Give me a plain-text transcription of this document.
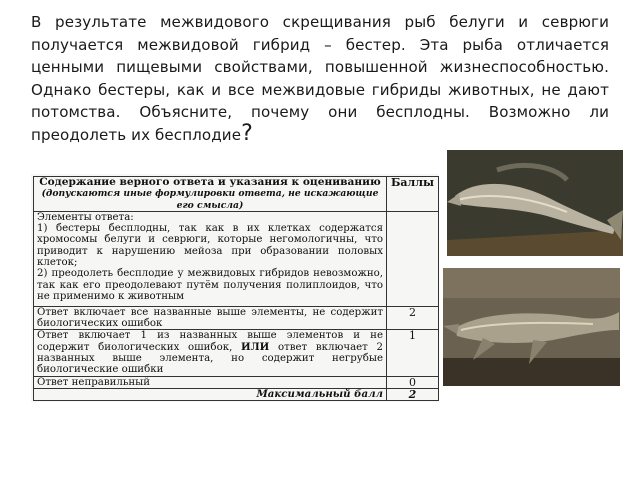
В результате межвидового скрещивания рыб белуги и севрюги получается межвидовой гибрид – бестер. Эта рыба отличается ценными пищевыми свойствами, повышенной жизнеспособностью. Однако бестеры, как и все межвидовые гибриды животных, не дают потомства. Объясните, почему они бесплодны. Возможно ли преодолеть их бесплодие?

Содержание верного ответа и указания к оцениванию
(допускаются иные формулировки ответа, не искажающие его смысла)	Баллы

Элементы ответа:
1) бестеры бесплодны, так как в их клетках содержатся хромосомы белуги и севрюги, которые негомологичны, что приводит к нарушению мейоза при образовании половых клеток;
2) преодолеть бесплодие у межвидовых гибридов невозможно, так как его преодолевают путём получения полиплоидов, что не применимо к животным	

Ответ включает все названные выше элементы, не содержит биологических ошибок	2
Ответ включает 1 из названных выше элементов и не содержит биологических ошибок, ИЛИ ответ включает 2 названных выше элемента, но содержит негрубые биологические ошибки	1
Ответ неправильный	0
Максимальный балл	2
